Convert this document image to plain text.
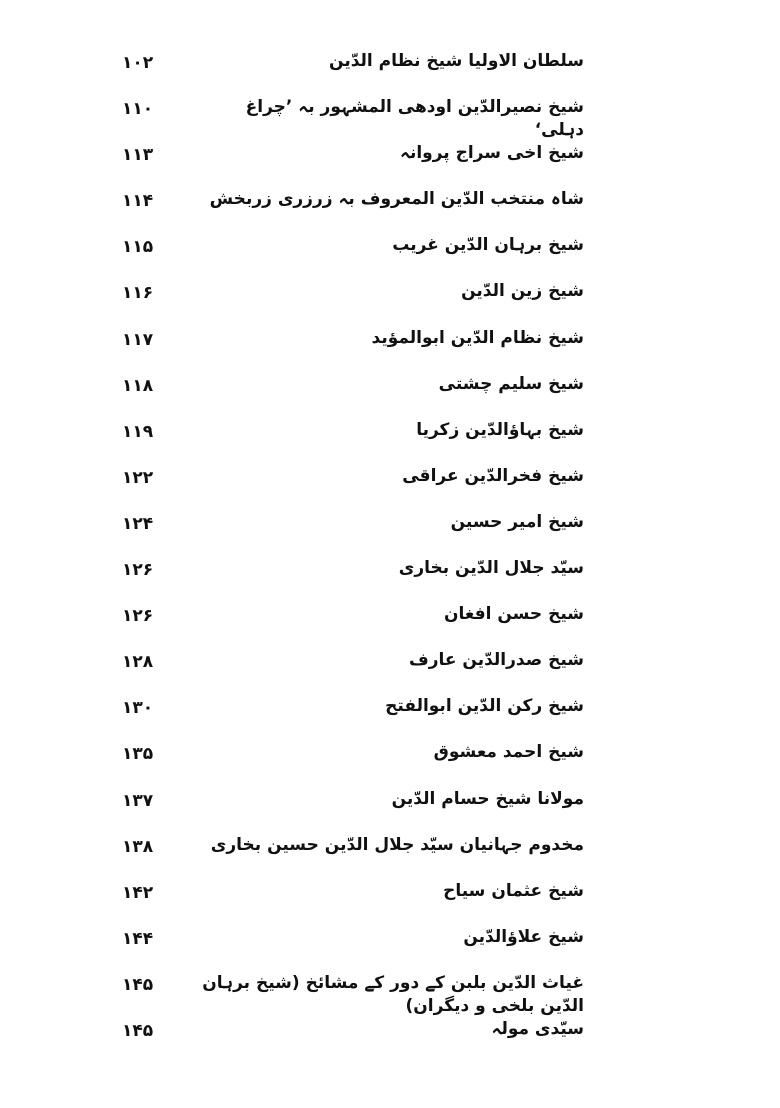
۱۰۲	سلطان الاولیا شیخ نظام الدّین
۱۱۰	شیخ نصیرالدّین اودھی المشہور بہ ’چراغ دہلی‘
۱۱۳	شیخ اخی سراج پروانہ
۱۱۴	شاہ منتخب الدّین المعروف بہ زرزری زربخش
۱۱۵	شیخ برہان الدّین غریب
۱۱۶	شیخ زین الدّین
۱۱۷	شیخ نظام الدّین ابوالمؤید
۱۱۸	شیخ سلیم چشتی
۱۱۹	شیخ بہاؤالدّین زکریا
۱۲۲	شیخ فخرالدّین عراقی
۱۲۴	شیخ امیر حسین
۱۲۶	سیّد جلال الدّین بخاری
۱۲۶	شیخ حسن افغان
۱۲۸	شیخ صدرالدّین عارف
۱۳۰	شیخ رکن الدّین ابوالفتح
۱۳۵	شیخ احمد معشوق
۱۳۷	مولانا شیخ حسام الدّین
۱۳۸	مخدوم جہانیان سیّد جلال الدّین حسین بخاری
۱۴۲	شیخ عثمان سیاح
۱۴۴	شیخ علاؤالدّین
۱۴۵	غیاث الدّین بلبن کے دور کے مشائخ (شیخ برہان الدّین بلخی و دیگران)
۱۴۵	سیّدی مولہ
